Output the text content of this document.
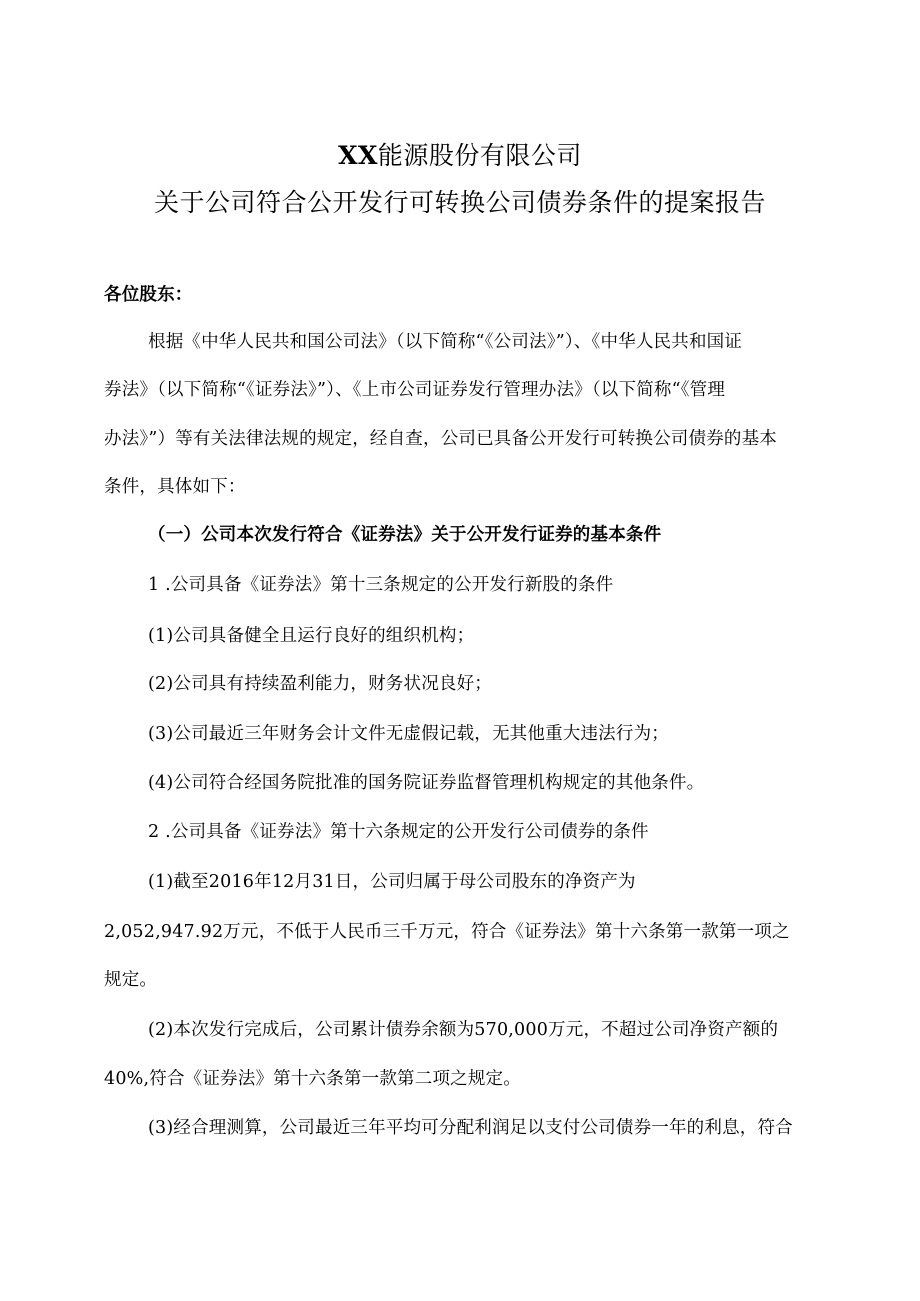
XX能源股份有限公司
关于公司符合公开发行可转换公司债券条件的提案报告
各位股东：
根据《中华人民共和国公司法》（以下简称“《公司法》”）、《中华人民共和国证
券法》（以下简称“《证券法》”）、《上市公司证券发行管理办法》（以下简称“《管理
办法》”）等有关法律法规的规定，经自查，公司已具备公开发行可转换公司债券的基本
条件，具体如下：
（一）公司本次发行符合《证券法》关于公开发行证券的基本条件
1 .公司具备《证券法》第十三条规定的公开发行新股的条件
(1)公司具备健全且运行良好的组织机构；
(2)公司具有持续盈利能力，财务状况良好；
(3)公司最近三年财务会计文件无虚假记载，无其他重大违法行为；
(4)公司符合经国务院批准的国务院证券监督管理机构规定的其他条件。
2 .公司具备《证券法》第十六条规定的公开发行公司债券的条件
(1)截至2016年12月31日，公司归属于母公司股东的净资产为
2,052,947.92万元，不低于人民币三千万元，符合《证券法》第十六条第一款第一项之
规定。
(2)本次发行完成后，公司累计债券余额为570,000万元，不超过公司净资产额的
40%,符合《证券法》第十六条第一款第二项之规定。
(3)经合理测算，公司最近三年平均可分配利润足以支付公司债券一年的利息，符合
